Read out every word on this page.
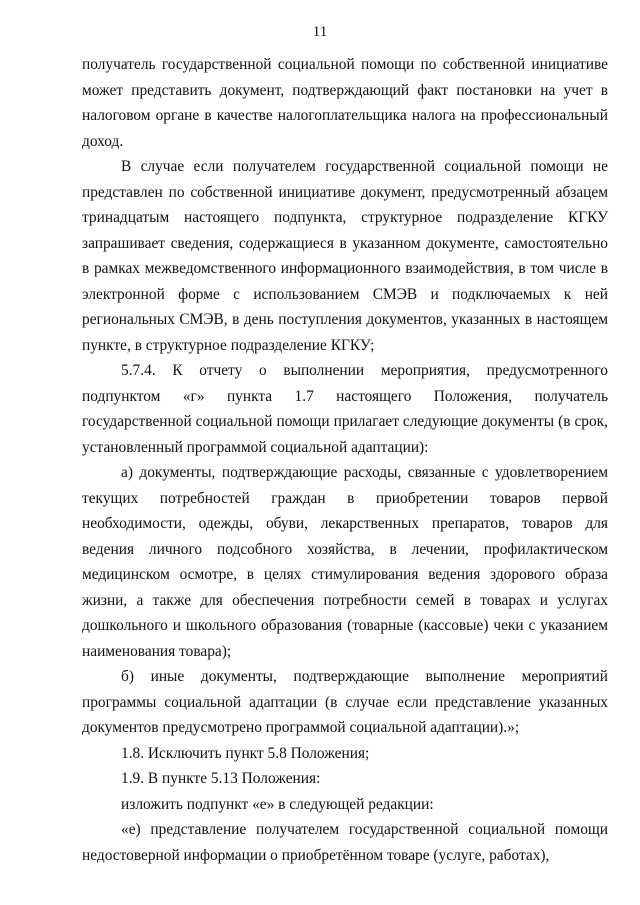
11

получатель государственной социальной помощи по собственной инициативе может представить документ, подтверждающий факт постановки на учет в налоговом органе в качестве налогоплательщика налога на профессиональный доход.

В случае если получателем государственной социальной помощи не представлен по собственной инициативе документ, предусмотренный абзацем тринадцатым настоящего подпункта, структурное подразделение КГКУ запрашивает сведения, содержащиеся в указанном документе, самостоятельно в рамках межведомственного информационного взаимодействия, в том числе в электронной форме с использованием СМЭВ и подключаемых к ней региональных СМЭВ, в день поступления документов, указанных в настоящем пункте, в структурное подразделение КГКУ;

5.7.4. К отчету о выполнении мероприятия, предусмотренного подпунктом «г» пункта 1.7 настоящего Положения, получатель государственной социальной помощи прилагает следующие документы (в срок, установленный программой социальной адаптации):

а) документы, подтверждающие расходы, связанные с удовлетворением текущих потребностей граждан в приобретении товаров первой необходимости, одежды, обуви, лекарственных препаратов, товаров для ведения личного подсобного хозяйства, в лечении, профилактическом медицинском осмотре, в целях стимулирования ведения здорового образа жизни, а также для обеспечения потребности семей в товарах и услугах дошкольного и школьного образования (товарные (кассовые) чеки с указанием наименования товара);

б) иные документы, подтверждающие выполнение мероприятий программы социальной адаптации (в случае если представление указанных документов предусмотрено программой социальной адаптации).»;

1.8. Исключить пункт 5.8 Положения;

1.9. В пункте 5.13 Положения:

изложить подпункт «е» в следующей редакции:

«е) представление получателем государственной социальной помощи недостоверной информации о приобретённом товаре (услуге, работах),
